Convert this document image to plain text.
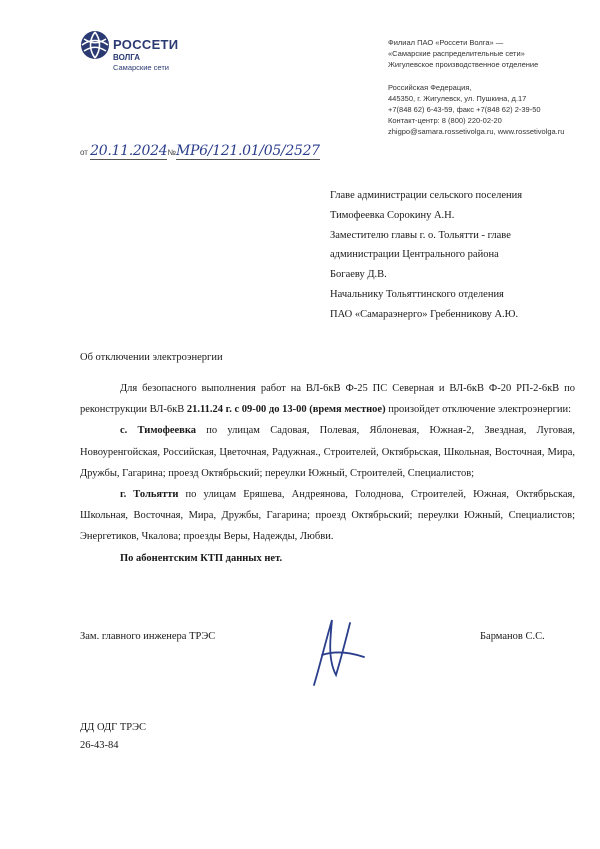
РОССЕТИ
ВОЛГА
Самарские сети
Филиал ПАО «Россети Волга» —
«Самарские распределительные сети»
Жигулевское производственное отделение
Российская Федерация,
445350, г. Жигулевск, ул. Пушкина, д.17
+7(848 62) 6-43-59, факс +7(848 62) 2-39-50
Контакт-центр: 8 (800) 220-02-20
zhigpo@samara.rossetivolga.ru, www.rossetivolga.ru
от 20.11.2024№МР6/121.01/05/2527
Главе администрации сельского поселения
Тимофеевка Сорокину А.Н.
Заместителю главы г. о. Тольятти - главе
администрации Центрального района
Богаеву Д.В.
Начальнику Тольяттинского отделения
ПАО «Самараэнерго» Гребенникову А.Ю.
Об отключении электроэнергии

Для безопасного выполнения работ на ВЛ-6кВ Ф-25 ПС Северная и ВЛ-6кВ Ф-20 РП-2-6кВ по реконструкции ВЛ-6кВ 21.11.24 г. с 09-00 до 13-00 (время местное) произойдет отключение электроэнергии:

с. Тимофеевка по улицам Садовая, Полевая, Яблоневая, Южная-2, Звездная, Луговая, Новоуренгойская, Российская, Цветочная, Радужная., Строителей, Октябрьская, Школьная, Восточная, Мира, Дружбы, Гагарина; проезд Октябрьский; переулки Южный, Строителей, Специалистов;

г. Тольятти по улицам Еряшева, Андреянова, Голоднова, Строителей, Южная, Октябрьская, Школьная, Восточная, Мира, Дружбы, Гагарина; проезд Октябрьский; переулки Южный, Специалистов; Энергетиков, Чкалова; проезды Веры, Надежды, Любви.

По абонентским КТП данных нет.

Зам. главного инженера ТРЭС	Барманов С.С.
ДД ОДГ ТРЭС
26-43-84
